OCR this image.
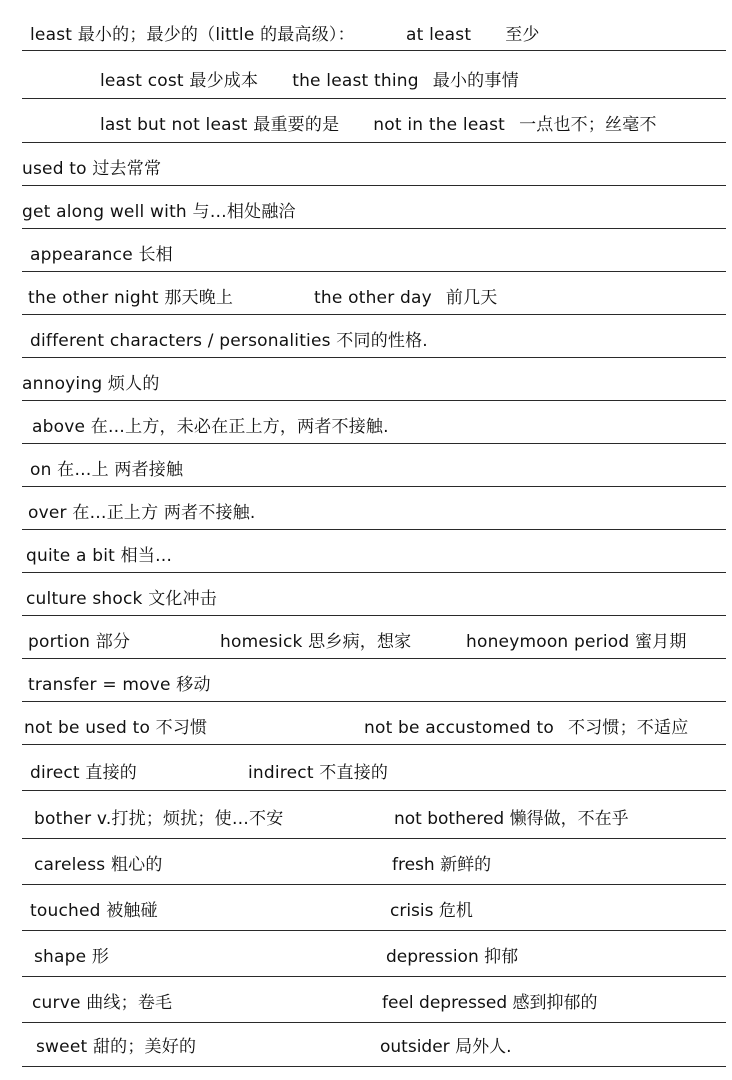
least 最小的；最少的（little 的最高级）：	at least 至少
least cost 最少成本 the least thing 最小的事情
last but not least 最重要的是 not in the least 一点也不；丝毫不
used to 过去常常
get along well with 与…相处融洽
appearance 长相
the other night 那天晚上	the other day 前几天
different characters / personalities 不同的性格.
annoying 烦人的
above 在…上方，未必在正上方，两者不接触.
on 在…上 两者接触
over 在…正上方 两者不接触.
quite a bit 相当…
culture shock 文化冲击
portion 部分	homesick 思乡病，想家	honeymoon period 蜜月期
transfer = move 移动
not be used to 不习惯	not be accustomed to 不习惯；不适应
direct 直接的	indirect 不直接的
bother v.打扰；烦扰；使…不安	not bothered 懒得做，不在乎
careless 粗心的	fresh 新鲜的
touched 被触碰	crisis 危机
shape 形	depression 抑郁
curve 曲线；卷毛	feel depressed 感到抑郁的
sweet 甜的；美好的	outsider 局外人.
